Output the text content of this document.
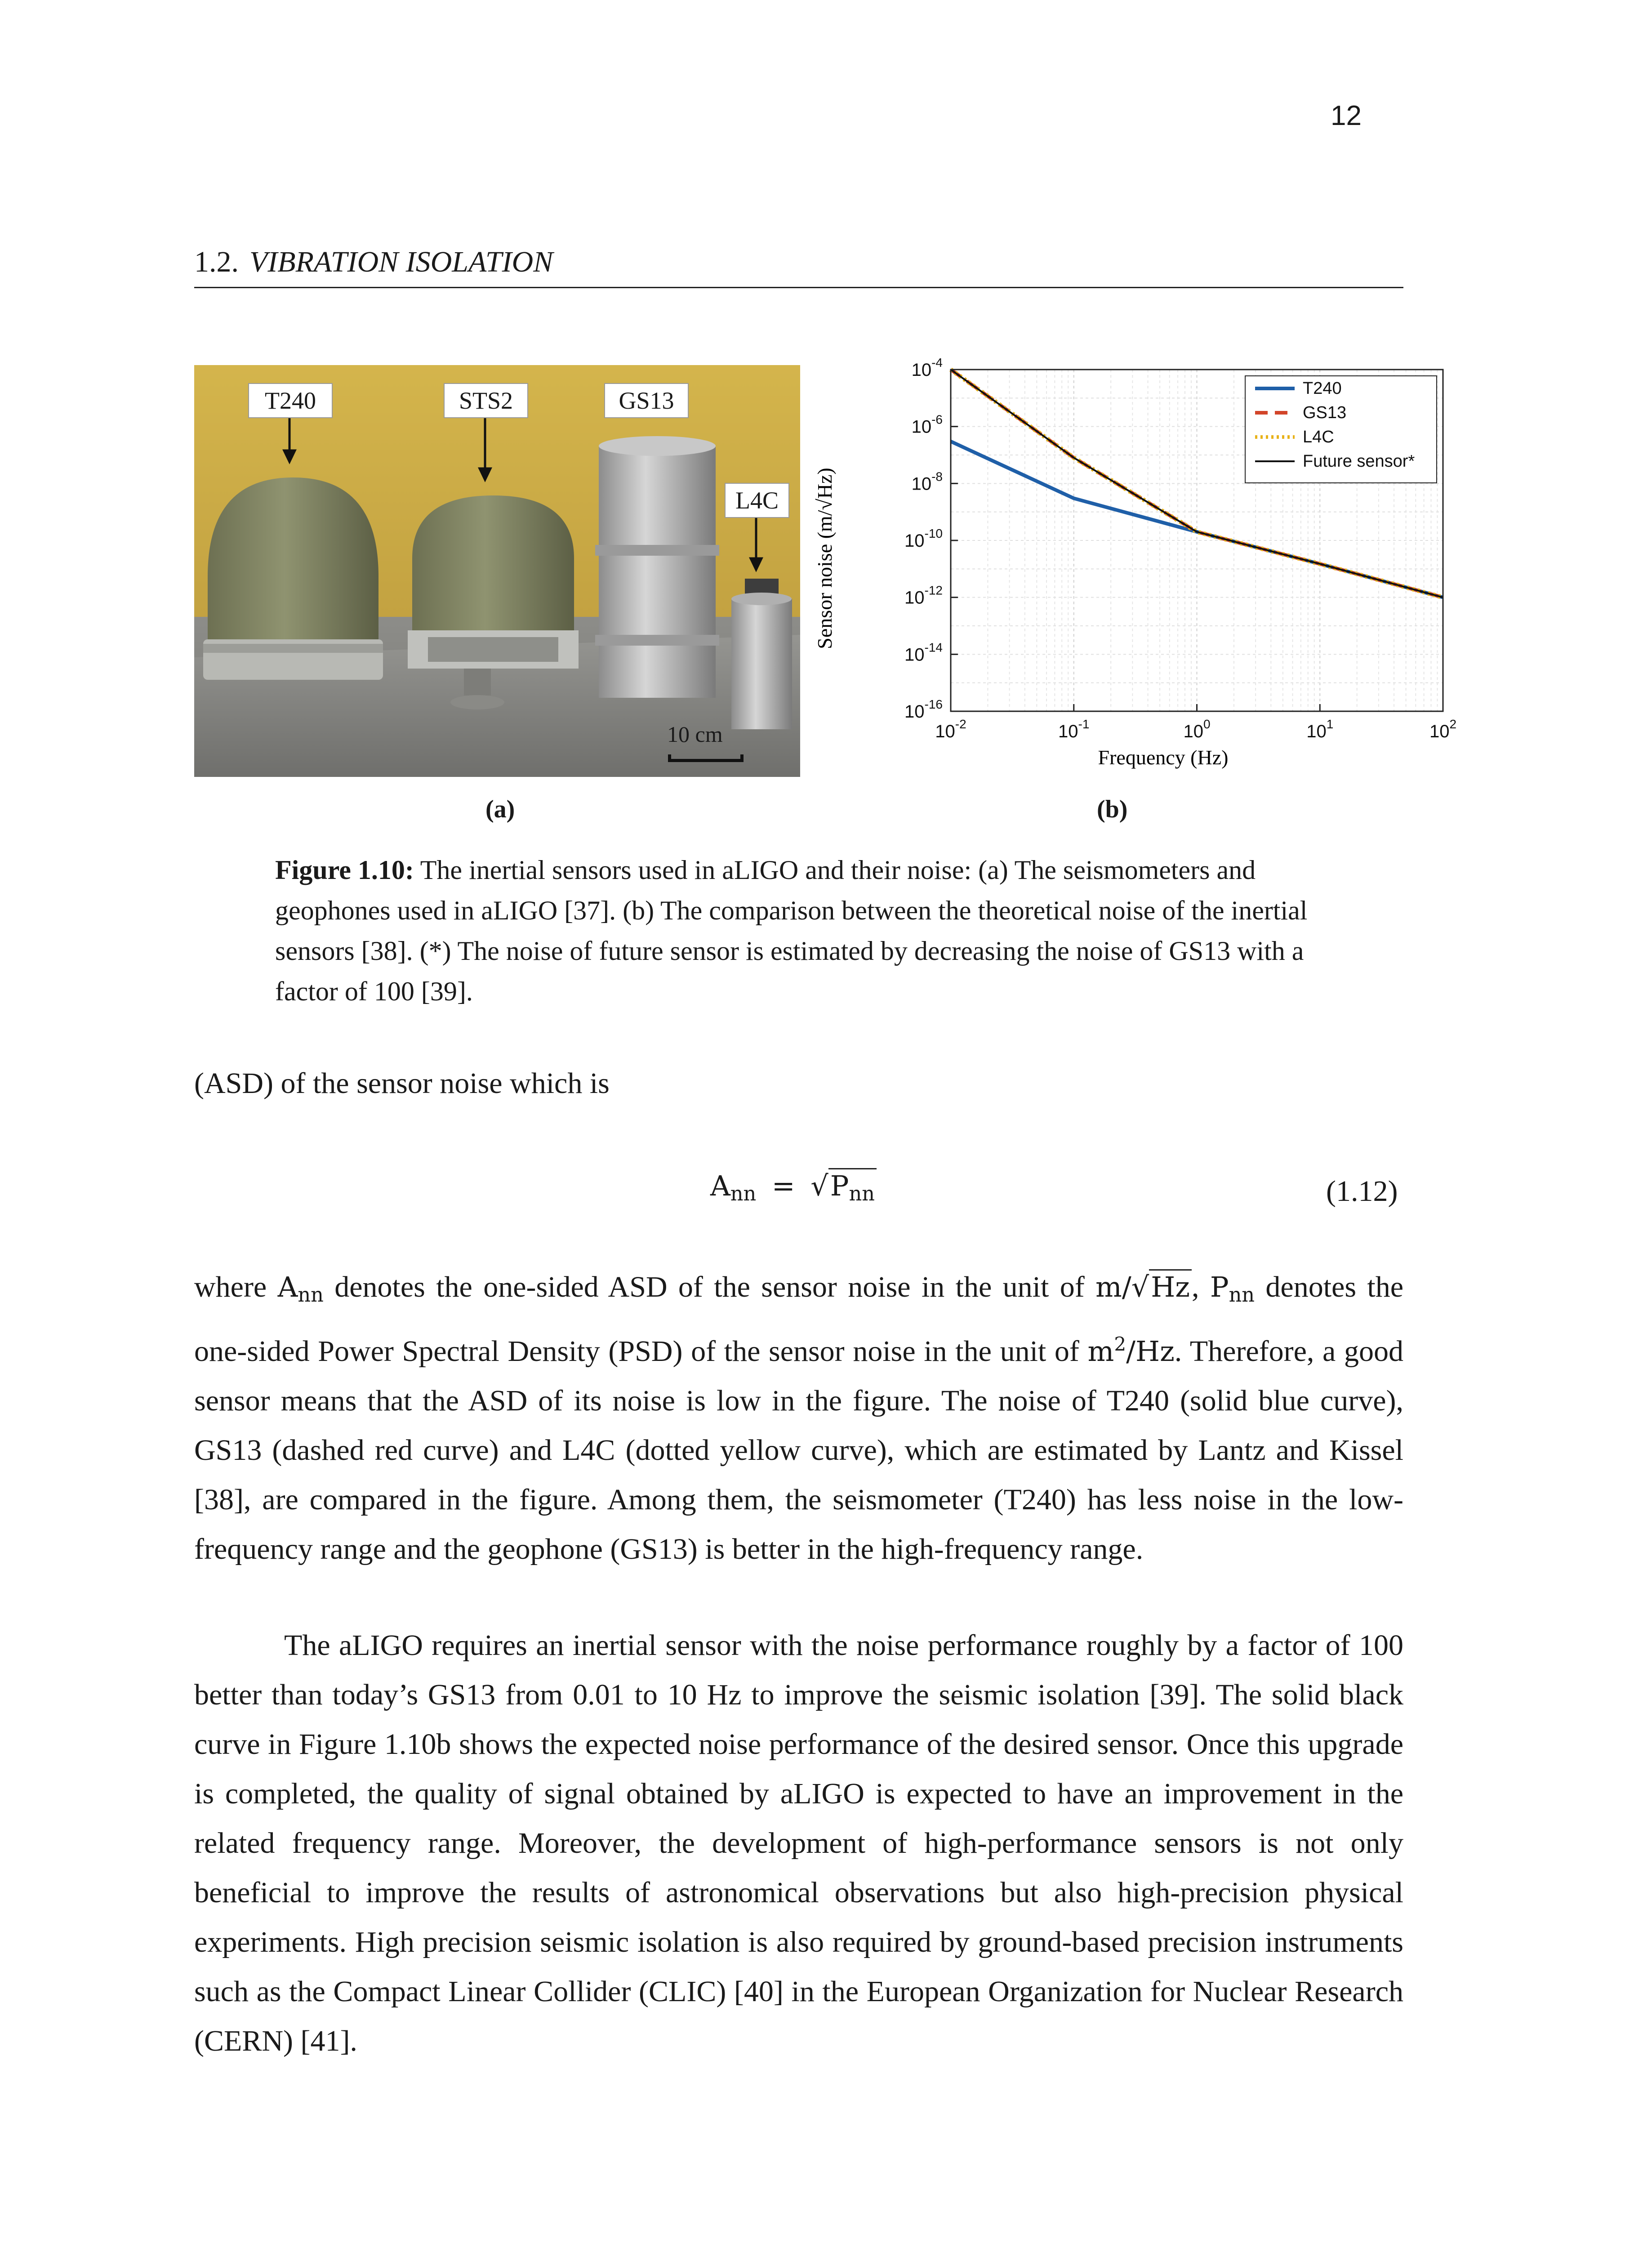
12
1.2. VIBRATION ISOLATION
T240	STS2	GS13
L4C
10 cm
(a)
$10^{-2}$	$10^{-1}$	$10^0$	$10^1$	$10^2$
$10^{-4}$
$10^{-6}$
$10^{-8}$
$10^{-10}$
$10^{-12}$
$10^{-14}$
$10^{-16}$
T240
GS13
L4C
Future sensor*
Sensor noise (m/√Hz)
Frequency (Hz)
(b)
Figure 1.10: The inertial sensors used in aLIGO and their noise: (a) The seismometers and geophones used in aLIGO [37]. (b) The comparison between the theoretical noise of the inertial sensors [38]. (*) The noise of future sensor is estimated by decreasing the noise of GS13 with a factor of 100 [39].
(ASD) of the sensor noise which is
$A_{nn} = √P_{nn}$	(1.12)
where $A_{nn}$ denotes the one-sided ASD of the sensor noise in the unit of m/√Hz, $P_{nn}$ denotes the one-sided Power Spectral Density (PSD) of the sensor noise in the unit of $m^2/Hz$. Therefore, a good sensor means that the ASD of its noise is low in the figure. The noise of T240 (solid blue curve), GS13 (dashed red curve) and L4C (dotted yellow curve), which are estimated by Lantz and Kissel [38], are compared in the figure. Among them, the seismometer (T240) has less noise in the low-frequency range and the geophone (GS13) is better in the high-frequency range.
The aLIGO requires an inertial sensor with the noise performance roughly by a factor of 100 better than today’s GS13 from 0.01 to 10 Hz to improve the seismic isolation [39]. The solid black curve in Figure 1.10b shows the expected noise performance of the desired sensor. Once this upgrade is completed, the quality of signal obtained by aLIGO is expected to have an improvement in the related frequency range. Moreover, the development of high-performance sensors is not only beneficial to improve the results of astronomical observations but also high-precision physical experiments. High precision seismic isolation is also required by ground-based precision instruments such as the Compact Linear Collider (CLIC) [40] in the European Organization for Nuclear Research (CERN) [41].
